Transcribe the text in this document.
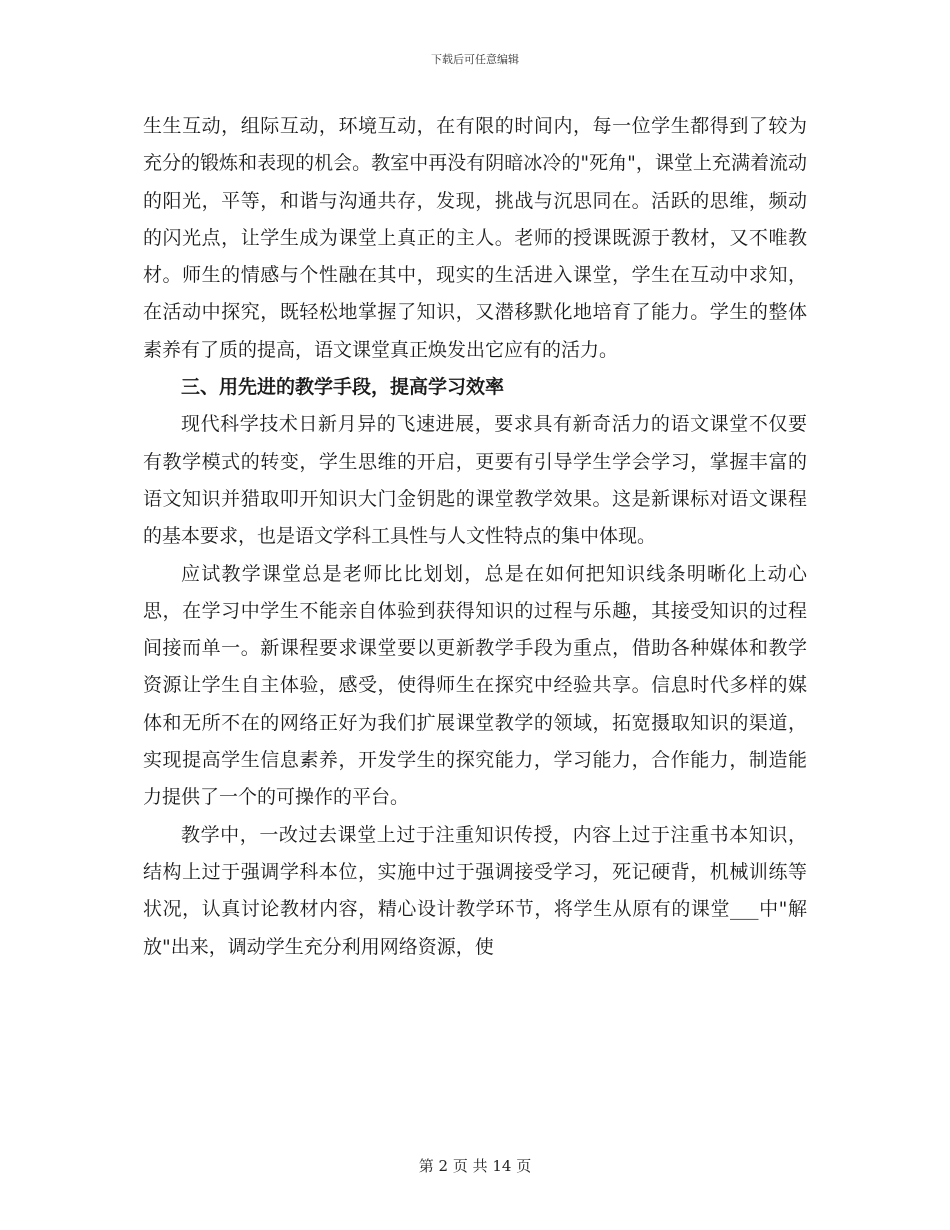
下载后可任意编辑

生生互动，组际互动，环境互动，在有限的时间内，每一位学生都得到了较为充分的锻炼和表现的机会。教室中再没有阴暗冰冷的"死角"，课堂上充满着流动的阳光，平等，和谐与沟通共存，发现，挑战与沉思同在。活跃的思维，频动的闪光点，让学生成为课堂上真正的主人。老师的授课既源于教材，又不唯教材。师生的情感与个性融在其中，现实的生活进入课堂，学生在互动中求知，在活动中探究，既轻松地掌握了知识，又潜移默化地培育了能力。学生的整体素养有了质的提高，语文课堂真正焕发出它应有的活力。

三、用先进的教学手段，提高学习效率

现代科学技术日新月异的飞速进展，要求具有新奇活力的语文课堂不仅要有教学模式的转变，学生思维的开启，更要有引导学生学会学习，掌握丰富的语文知识并猎取叩开知识大门金钥匙的课堂教学效果。这是新课标对语文课程的基本要求，也是语文学科工具性与人文性特点的集中体现。

应试教学课堂总是老师比比划划，总是在如何把知识线条明晰化上动心思，在学习中学生不能亲自体验到获得知识的过程与乐趣，其接受知识的过程间接而单一。新课程要求课堂要以更新教学手段为重点，借助各种媒体和教学资源让学生自主体验，感受，使得师生在探究中经验共享。信息时代多样的媒体和无所不在的网络正好为我们扩展课堂教学的领域，拓宽摄取知识的渠道，实现提高学生信息素养，开发学生的探究能力，学习能力，合作能力，制造能力提供了一个的可操作的平台。

教学中，一改过去课堂上过于注重知识传授，内容上过于注重书本知识，结构上过于强调学科本位，实施中过于强调接受学习，死记硬背，机械训练等状况，认真讨论教材内容，精心设计教学环节，将学生从原有的课堂___中"解放"出来，调动学生充分利用网络资源，使

第 2 页 共 14 页
